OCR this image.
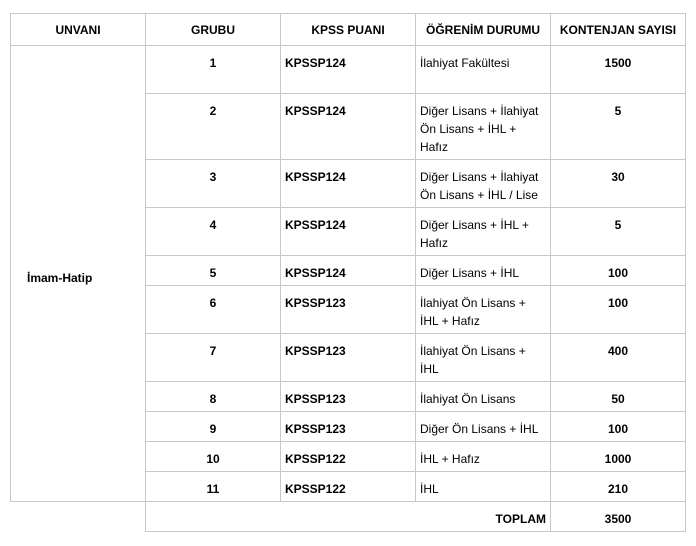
UNVANI	GRUBU	KPSS PUANI	ÖĞRENİM DURUMU	KONTENJAN SAYISI
İmam-Hatip	1	KPSSP124	İlahiyat Fakültesi	1500
	2	KPSSP124	Diğer Lisans + İlahiyat Ön Lisans + İHL + Hafız	5
	3	KPSSP124	Diğer Lisans + İlahiyat Ön Lisans + İHL / Lise	30
	4	KPSSP124	Diğer Lisans + İHL + Hafız	5
	5	KPSSP124	Diğer Lisans + İHL	100
	6	KPSSP123	İlahiyat Ön Lisans + İHL + Hafız	100
	7	KPSSP123	İlahiyat Ön Lisans + İHL	400
	8	KPSSP123	İlahiyat Ön Lisans	50
	9	KPSSP123	Diğer Ön Lisans + İHL	100
	10	KPSSP122	İHL + Hafız	1000
	11	KPSSP122	İHL	210
	TOPLAM			3500
